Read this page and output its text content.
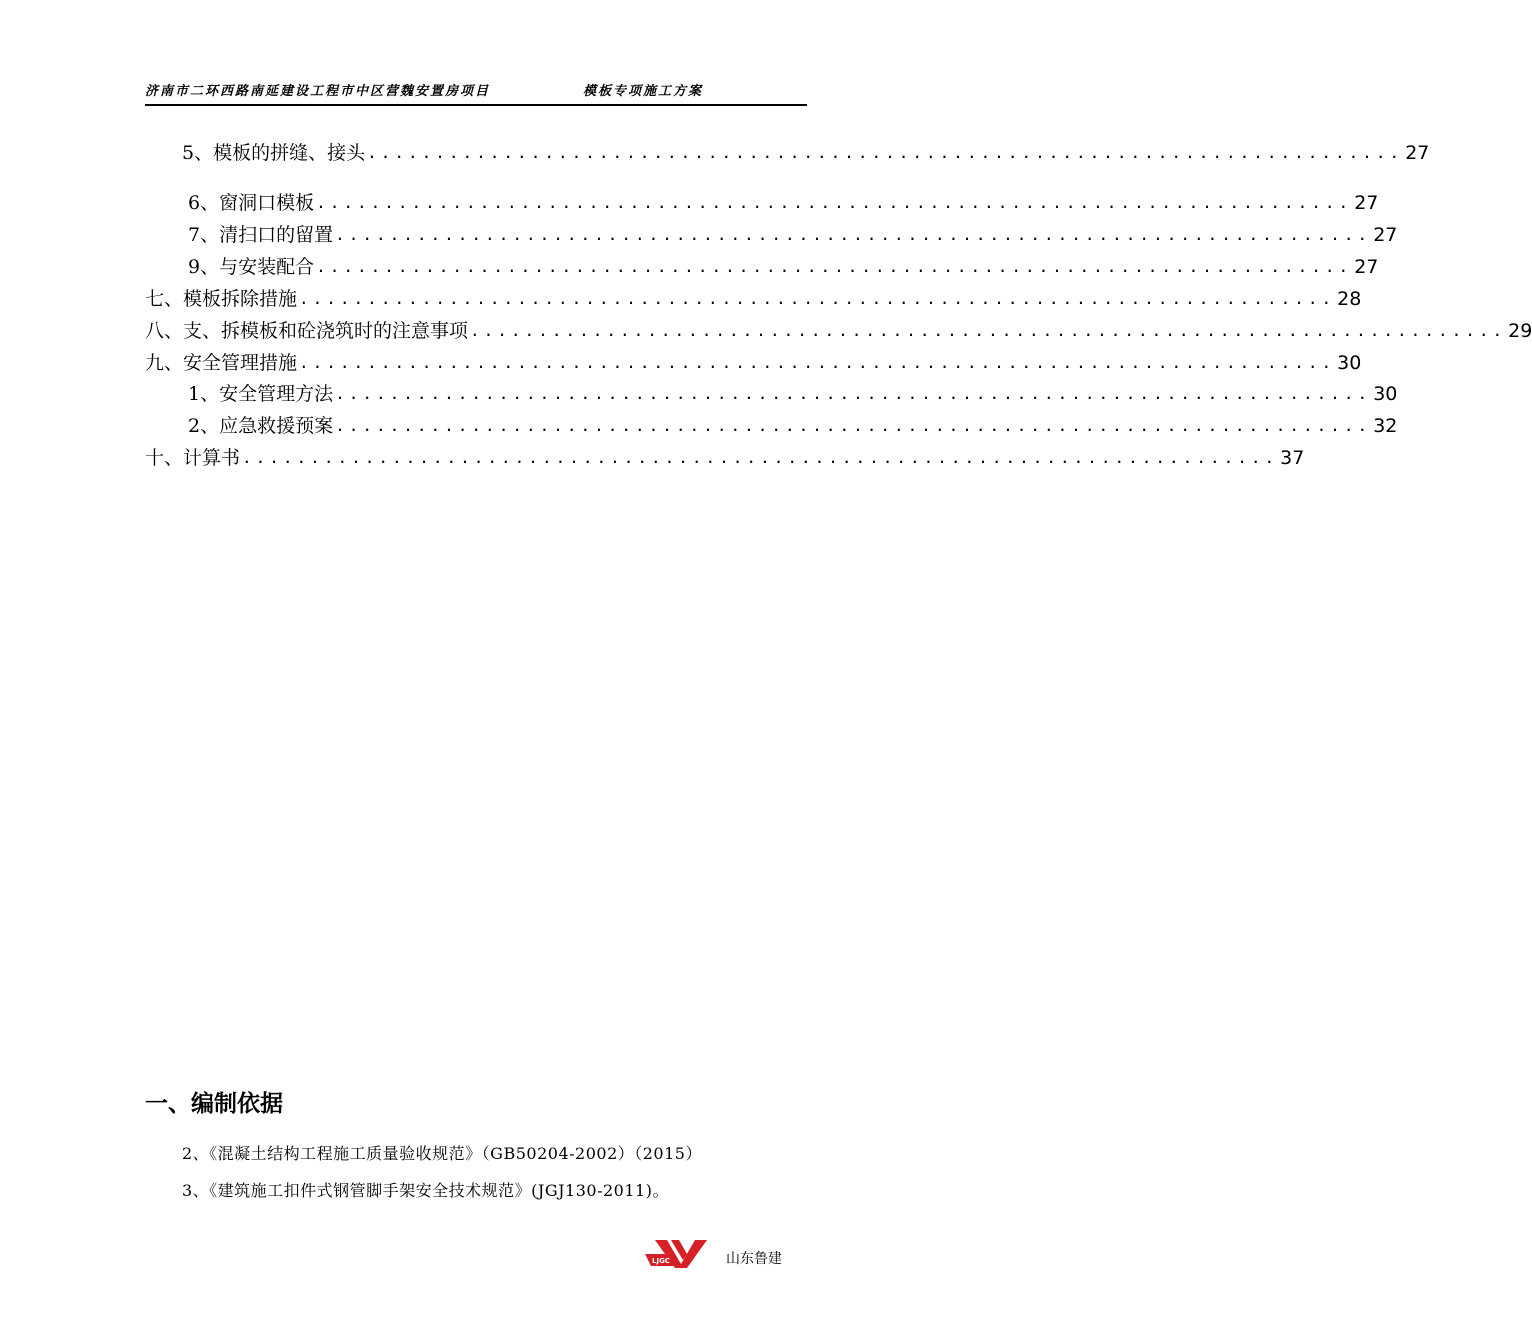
济南市二环西路南延建设工程市中区营魏安置房项目	模板专项施工方案
5、模板的拼缝、接头 ............................................................................ 27
6、窗洞口模板 ............................................................................ 27
7、清扫口的留置 ............................................................................ 27
9、与安装配合 ............................................................................ 27
七、模板拆除措施 ............................................................................ 28
八、支、拆模板和砼浇筑时的注意事项 ............................................................................ 29
九、安全管理措施 ............................................................................ 30
1、安全管理方法 ............................................................................ 30
2、应急救援预案 ............................................................................ 32
十、计算书 ............................................................................ 37
一、编制依据
2、《混凝土结构工程施工质量验收规范》（GB50204-2002）（2015）
3、《建筑施工扣件式钢管脚手架安全技术规范》(JGJ130-2011)。
LJGC	山东鲁建
